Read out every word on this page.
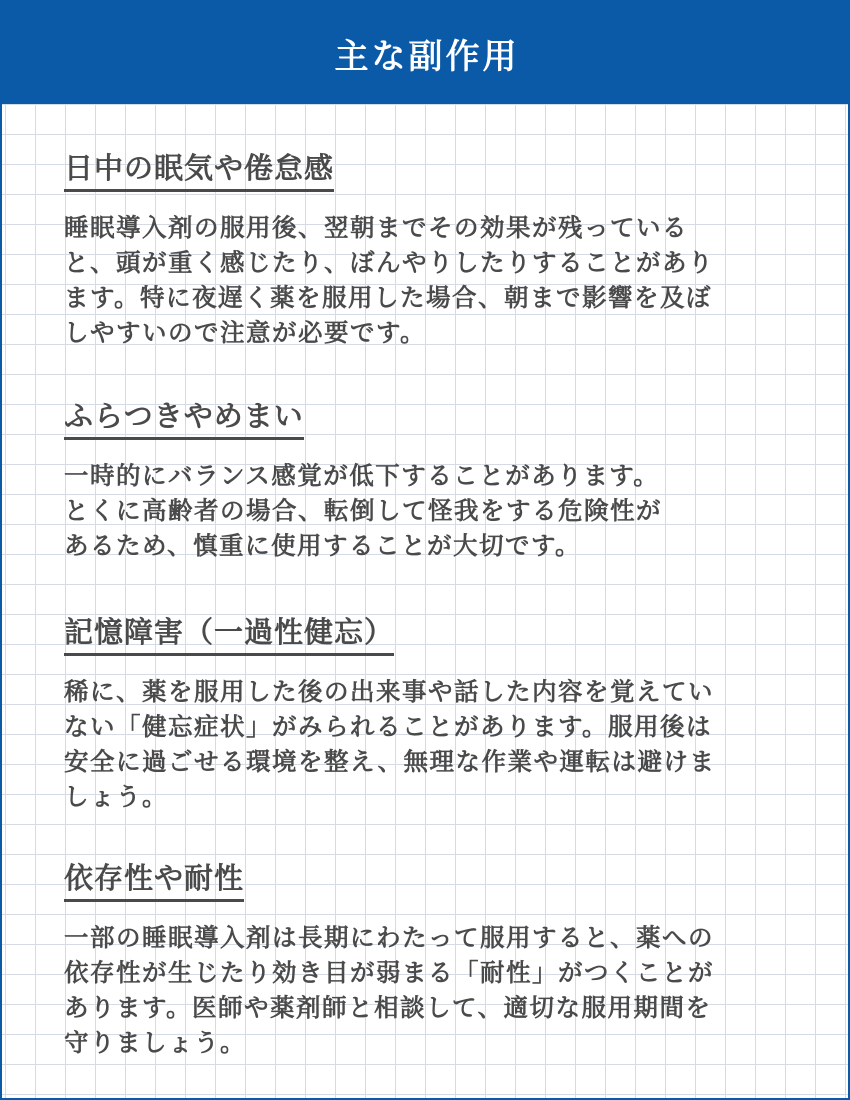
主な副作用
日中の眠気や倦怠感
睡眠導入剤の服用後、翌朝までその効果が残っている
と、頭が重く感じたり、ぼんやりしたりすることがあり
ます。特に夜遅く薬を服用した場合、朝まで影響を及ぼ
しやすいので注意が必要です。
ふらつきやめまい
一時的にバランス感覚が低下することがあります。
とくに高齢者の場合、転倒して怪我をする危険性が
あるため、慎重に使用することが大切です。
記憶障害（一過性健忘）
稀に、薬を服用した後の出来事や話した内容を覚えてい
ない「健忘症状」がみられることがあります。服用後は
安全に過ごせる環境を整え、無理な作業や運転は避けま
しょう。
依存性や耐性
一部の睡眠導入剤は長期にわたって服用すると、薬への
依存性が生じたり効き目が弱まる「耐性」がつくことが
あります。医師や薬剤師と相談して、適切な服用期間を
守りましょう。
